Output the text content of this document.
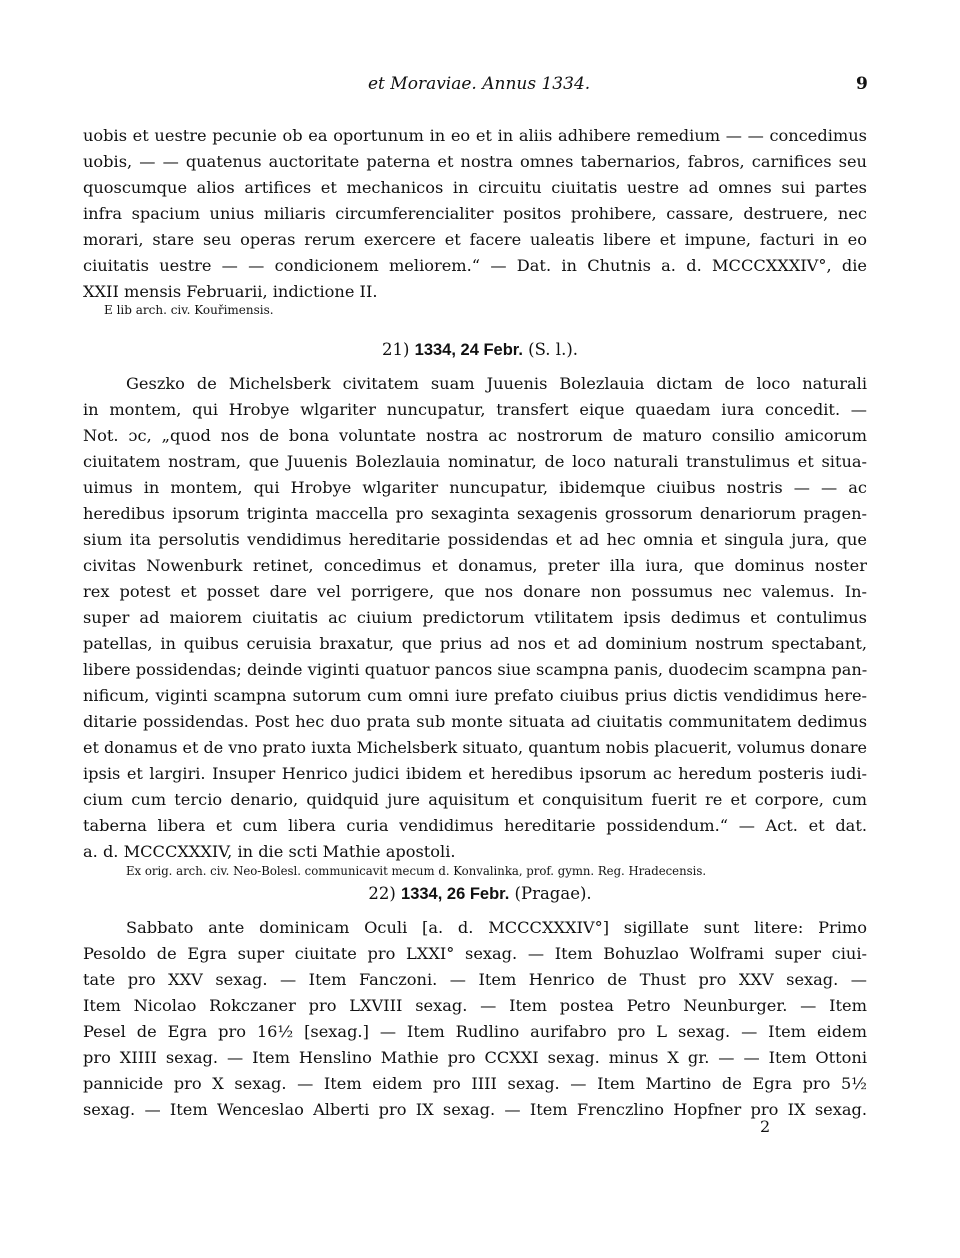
et Moraviae. Annus 1334.	9
uobis et uestre pecunie ob ea oportunum in eo et in aliis adhibere remedium — — concedimus
uobis, — — quatenus auctoritate paterna et nostra omnes tabernarios, fabros, carnifices seu
quoscumque alios artifices et mechanicos in circuitu ciuitatis uestre ad omnes sui partes
infra spacium unius miliaris circumferencialiter positos prohibere, cassare, destruere, nec
morari, stare seu operas rerum exercere et facere ualeatis libere et impune, facturi in eo
ciuitatis uestre — — condicionem meliorem.“ — Dat. in Chutnis a. d. MCCCXXXIV°, die
XXII mensis Februarii, indictione II.
E lib arch. civ. Kouřimensis.
21) 1334, 24 Febr. (S. l.).
Geszko de Michelsberk civitatem suam Juuenis Bolezlauia dictam de loco naturali
in montem, qui Hrobye wlgariter nuncupatur, transfert eique quaedam iura concedit. —
Not. ɔc, „quod nos de bona voluntate nostra ac nostrorum de maturo consilio amicorum
ciuitatem nostram, que Juuenis Bolezlauia nominatur, de loco naturali transtulimus et situa-
uimus in montem, qui Hrobye wlgariter nuncupatur, ibidemque ciuibus nostris — — ac
heredibus ipsorum triginta maccella pro sexaginta sexagenis grossorum denariorum pragen-
sium ita persolutis vendidimus hereditarie possidendas et ad hec omnia et singula jura, que
civitas Nowenburk retinet, concedimus et donamus, preter illa iura, que dominus noster
rex potest et posset dare vel porrigere, que nos donare non possumus nec valemus. In-
super ad maiorem ciuitatis ac ciuium predictorum vtilitatem ipsis dedimus et contulimus
patellas, in quibus ceruisia braxatur, que prius ad nos et ad dominium nostrum spectabant,
libere possidendas; deinde viginti quatuor pancos siue scampna panis, duodecim scampna pan-
nificum, viginti scampna sutorum cum omni iure prefato ciuibus prius dictis vendidimus here-
ditarie possidendas. Post hec duo prata sub monte situata ad ciuitatis communitatem dedimus
et donamus et de vno prato iuxta Michelsberk situato, quantum nobis placuerit, volumus donare
ipsis et largiri. Insuper Henrico judici ibidem et heredibus ipsorum ac heredum posteris iudi-
cium cum tercio denario, quidquid jure aquisitum et conquisitum fuerit re et corpore, cum
taberna libera et cum libera curia vendidimus hereditarie possidendum.“ — Act. et dat.
a. d. MCCCXXXIV, in die scti Mathie apostoli.
Ex orig. arch. civ. Neo-Bolesl. communicavit mecum d. Konvalinka, prof. gymn. Reg. Hradecensis.
22) 1334, 26 Febr. (Pragae).
Sabbato ante dominicam Oculi [a. d. MCCCXXXIV°] sigillate sunt litere: Primo
Pesoldo de Egra super ciuitate pro LXXI° sexag. — Item Bohuzlao Wolframi super ciui-
tate pro XXV sexag. — Item Fanczoni. — Item Henrico de Thust pro XXV sexag. —
Item Nicolao Rokczaner pro LXVIII sexag. — Item postea Petro Neunburger. — Item
Pesel de Egra pro 16½ [sexag.] — Item Rudlino aurifabro pro L sexag. — Item eidem
pro XIIII sexag. — Item Henslino Mathie pro CCXXI sexag. minus X gr. — — Item Ottoni
pannicide pro X sexag. — Item eidem pro IIII sexag. — Item Martino de Egra pro 5½
sexag. — Item Wenceslao Alberti pro IX sexag. — Item Frenczlino Hopfner pro IX sexag.
2
